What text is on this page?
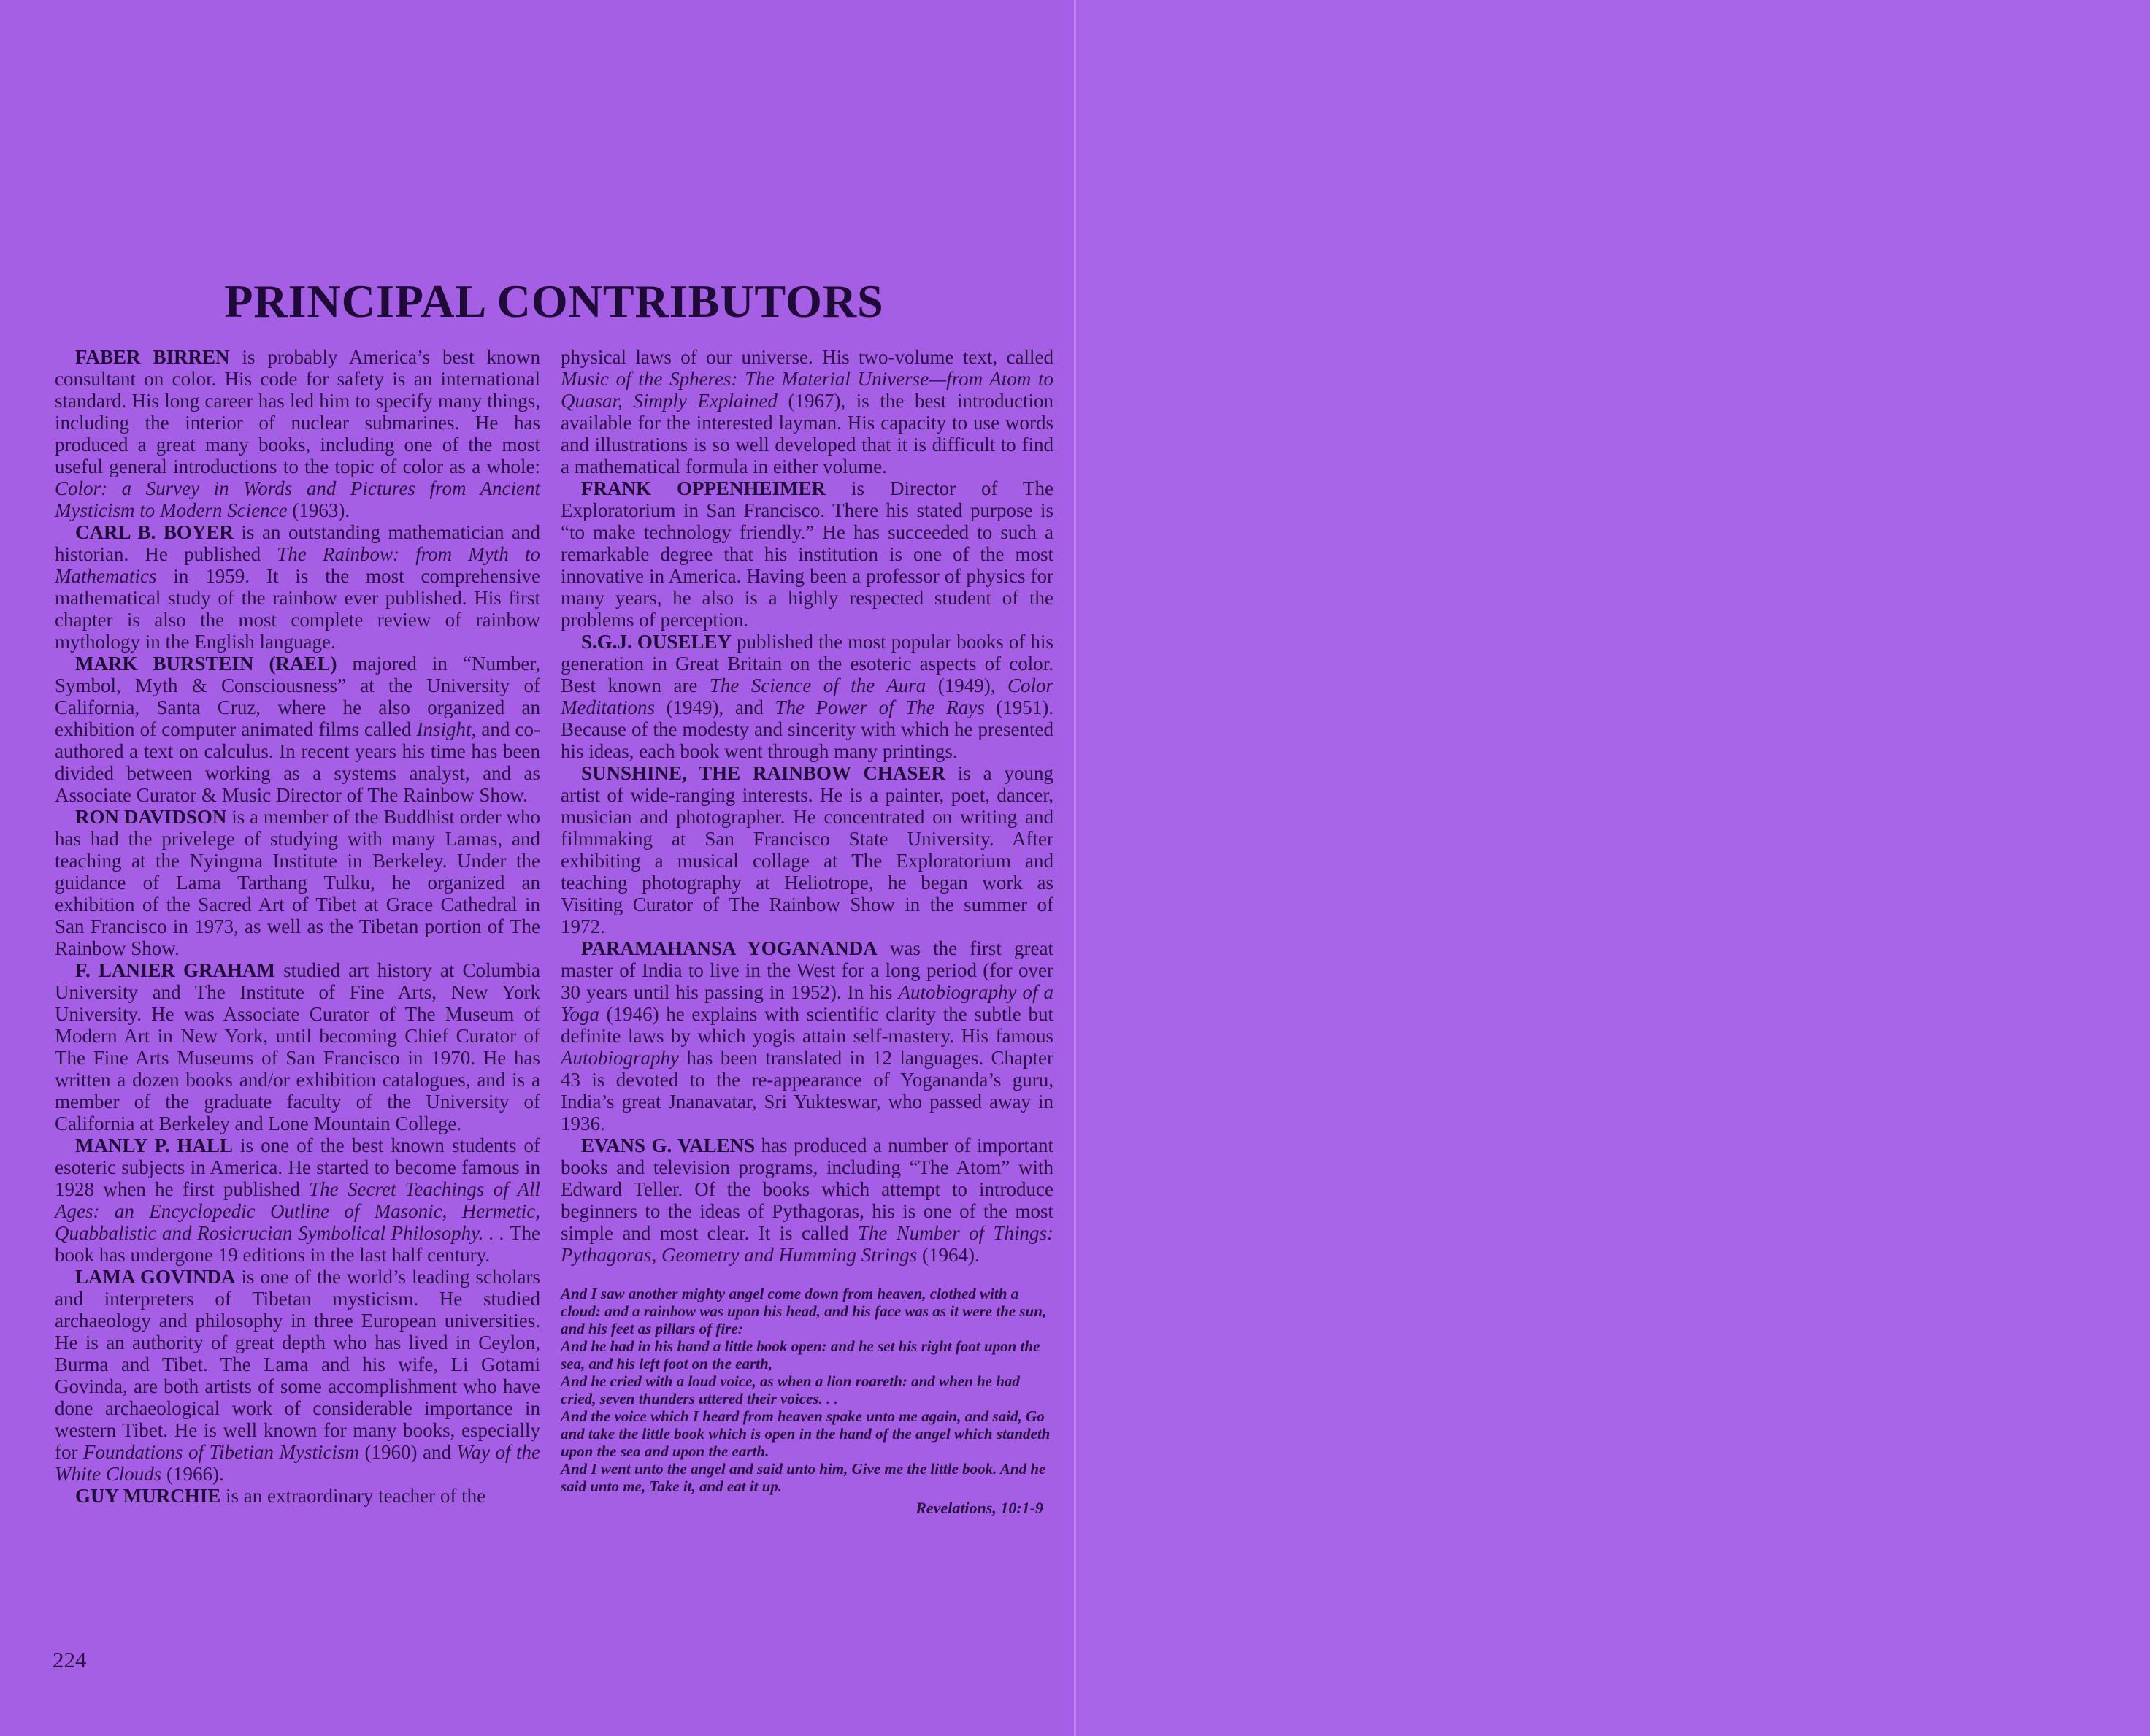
PRINCIPAL CONTRIBUTORS

FABER BIRREN is probably America’s best known consultant on color. His code for safety is an international standard. His long career has led him to specify many things, including the interior of nuclear submarines. He has produced a great many books, including one of the most useful general introductions to the topic of color as a whole: Color: a Survey in Words and Pictures from Ancient Mysticism to Modern Science (1963).

CARL B. BOYER is an outstanding mathematician and historian. He published The Rainbow: from Myth to Mathematics in 1959. It is the most comprehensive mathematical study of the rainbow ever published. His first chapter is also the most complete review of rainbow mythology in the English language.

MARK BURSTEIN (RAEL) majored in “Number, Symbol, Myth & Consciousness” at the University of California, Santa Cruz, where he also organized an exhibition of computer animated films called Insight, and co-authored a text on calculus. In recent years his time has been divided between working as a systems analyst, and as Associate Curator & Music Director of The Rainbow Show.

RON DAVIDSON is a member of the Buddhist order who has had the privelege of studying with many Lamas, and teaching at the Nyingma Institute in Berkeley. Under the guidance of Lama Tarthang Tulku, he organized an exhibition of the Sacred Art of Tibet at Grace Cathedral in San Francisco in 1973, as well as the Tibetan portion of The Rainbow Show.

F. LANIER GRAHAM studied art history at Columbia University and The Institute of Fine Arts, New York University. He was Associate Curator of The Museum of Modern Art in New York, until becoming Chief Curator of The Fine Arts Museums of San Francisco in 1970. He has written a dozen books and/or exhibition catalogues, and is a member of the graduate faculty of the University of California at Berkeley and Lone Mountain College.

MANLY P. HALL is one of the best known students of esoteric subjects in America. He started to become famous in 1928 when he first published The Secret Teachings of All Ages: an Encyclopedic Outline of Masonic, Hermetic, Quabbalistic and Rosicrucian Symbolical Philosophy. . . The book has undergone 19 editions in the last half century.

LAMA GOVINDA is one of the world’s leading scholars and interpreters of Tibetan mysticism. He studied archaeology and philosophy in three European universities. He is an authority of great depth who has lived in Ceylon, Burma and Tibet. The Lama and his wife, Li Gotami Govinda, are both artists of some accomplishment who have done archaeological work of considerable importance in western Tibet. He is well known for many books, especially for Foundations of Tibetian Mysticism (1960) and Way of the White Clouds (1966).

GUY MURCHIE is an extraordinary teacher of the

physical laws of our universe. His two-volume text, called Music of the Spheres: The Material Universe—from Atom to Quasar, Simply Explained (1967), is the best introduction available for the interested layman. His capacity to use words and illustrations is so well developed that it is difficult to find a mathematical formula in either volume.

FRANK OPPENHEIMER is Director of The Exploratorium in San Francisco. There his stated purpose is “to make technology friendly.” He has succeeded to such a remarkable degree that his institution is one of the most innovative in America. Having been a professor of physics for many years, he also is a highly respected student of the problems of perception.

S.G.J. OUSELEY published the most popular books of his generation in Great Britain on the esoteric aspects of color. Best known are The Science of the Aura (1949), Color Meditations (1949), and The Power of The Rays (1951). Because of the modesty and sincerity with which he presented his ideas, each book went through many printings.

SUNSHINE, THE RAINBOW CHASER is a young artist of wide-ranging interests. He is a painter, poet, dancer, musician and photographer. He concentrated on writing and filmmaking at San Francisco State University. After exhibiting a musical collage at The Exploratorium and teaching photography at Heliotrope, he began work as Visiting Curator of The Rainbow Show in the summer of 1972.

PARAMAHANSA YOGANANDA was the first great master of India to live in the West for a long period (for over 30 years until his passing in 1952). In his Autobiography of a Yoga (1946) he explains with scientific clarity the subtle but definite laws by which yogis attain self-mastery. His famous Autobiography has been translated in 12 languages. Chapter 43 is devoted to the re-appearance of Yogananda’s guru, India’s great Jnanavatar, Sri Yukteswar, who passed away in 1936.

EVANS G. VALENS has produced a number of important books and television programs, including “The Atom” with Edward Teller. Of the books which attempt to introduce beginners to the ideas of Pythagoras, his is one of the most simple and most clear. It is called The Number of Things: Pythagoras, Geometry and Humming Strings (1964).

And I saw another mighty angel come down from heaven, clothed with a cloud: and a rainbow was upon his head, and his face was as it were the sun, and his feet as pillars of fire:
And he had in his hand a little book open: and he set his right foot upon the sea, and his left foot on the earth,
And he cried with a loud voice, as when a lion roareth: and when he had cried, seven thunders uttered their voices. . .
And the voice which I heard from heaven spake unto me again, and said, Go and take the little book which is open in the hand of the angel which standeth upon the sea and upon the earth.
And I went unto the angel and said unto him, Give me the little book. And he said unto me, Take it, and eat it up.
Revelations, 10:1-9
224
